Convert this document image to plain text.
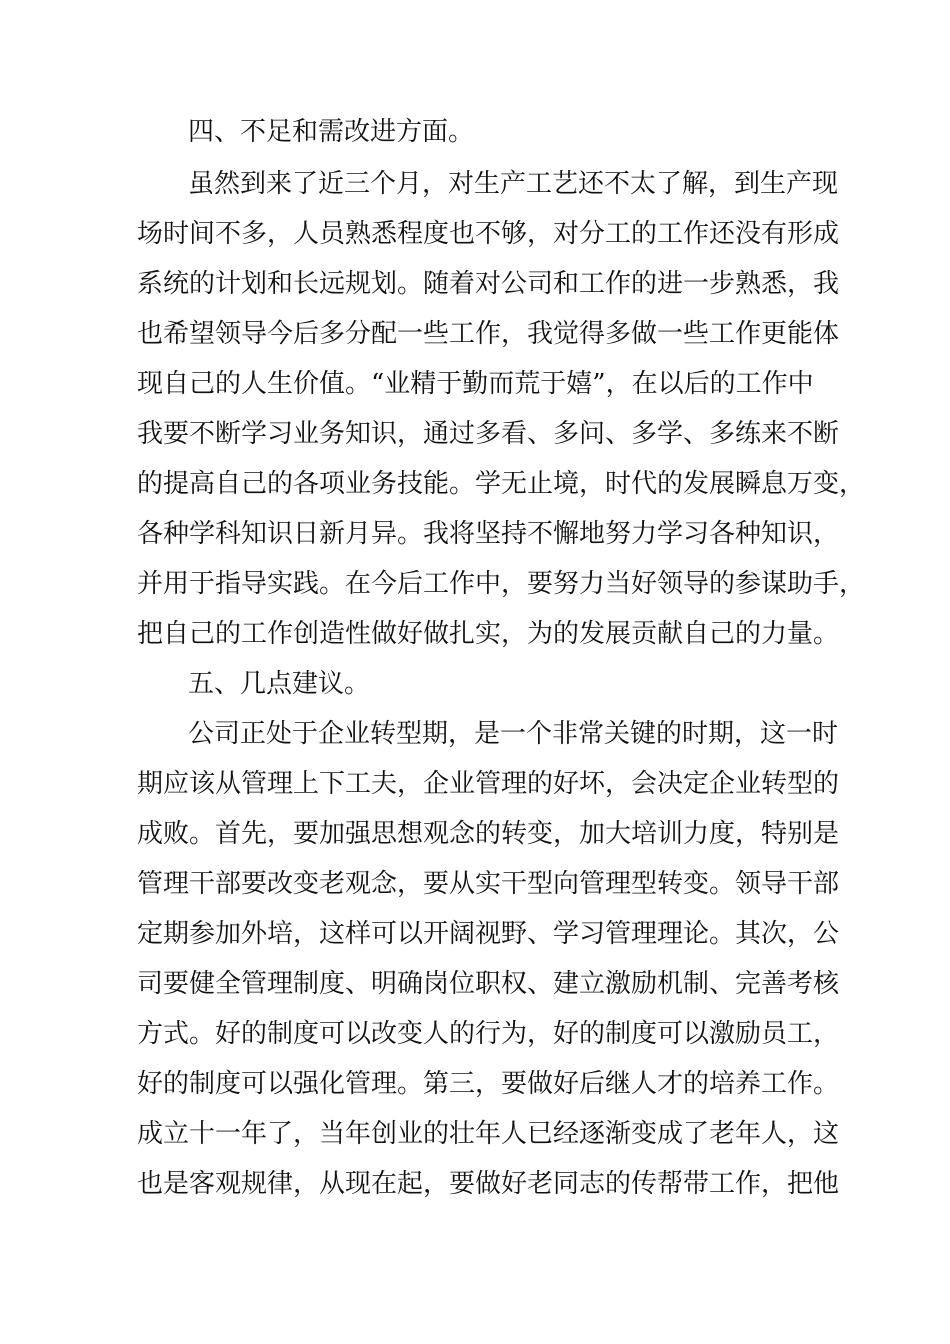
四、不足和需改进方面。
虽然到来了近三个月，对生产工艺还不太了解，到生产现
场时间不多，人员熟悉程度也不够，对分工的工作还没有形成
系统的计划和长远规划。随着对公司和工作的进一步熟悉，我
也希望领导今后多分配一些工作，我觉得多做一些工作更能体
现自己的人生价值。“业精于勤而荒于嬉”，在以后的工作中
我要不断学习业务知识，通过多看、多问、多学、多练来不断
的提高自己的各项业务技能。学无止境，时代的发展瞬息万变，
各种学科知识日新月异。我将坚持不懈地努力学习各种知识，
并用于指导实践。在今后工作中，要努力当好领导的参谋助手，
把自己的工作创造性做好做扎实，为的发展贡献自己的力量。
五、几点建议。
公司正处于企业转型期，是一个非常关键的时期，这一时
期应该从管理上下工夫，企业管理的好坏，会决定企业转型的
成败。首先，要加强思想观念的转变，加大培训力度，特别是
管理干部要改变老观念，要从实干型向管理型转变。领导干部
定期参加外培，这样可以开阔视野、学习管理理论。其次，公
司要健全管理制度、明确岗位职权、建立激励机制、完善考核
方式。好的制度可以改变人的行为，好的制度可以激励员工，
好的制度可以强化管理。第三，要做好后继人才的培养工作。
成立十一年了，当年创业的壮年人已经逐渐变成了老年人，这
也是客观规律，从现在起，要做好老同志的传帮带工作，把他
